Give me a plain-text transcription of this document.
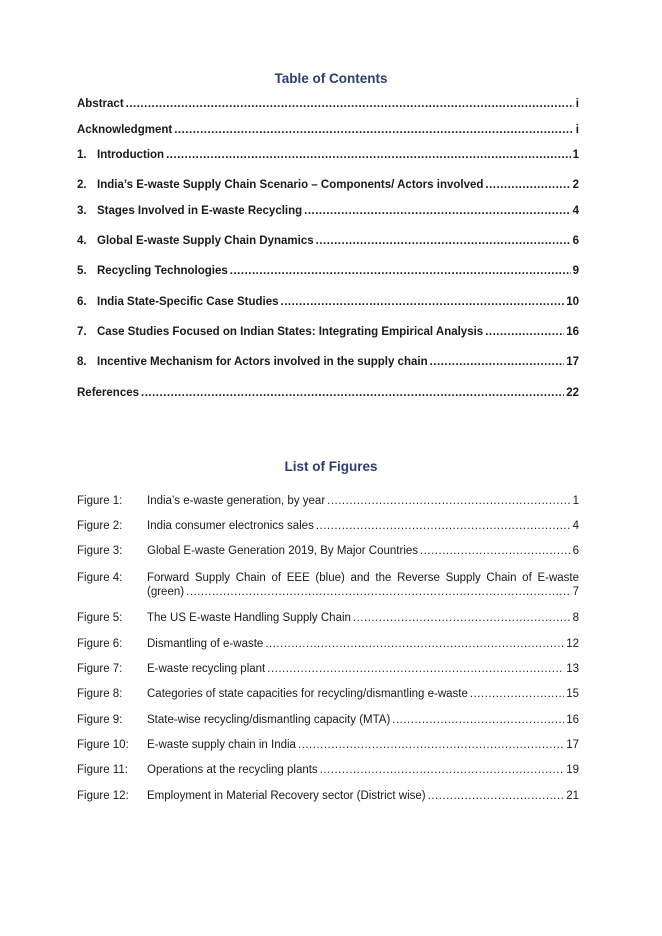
Table of Contents
Abstract .....	i
Acknowledgment .....	i
1. Introduction .....	1
2. India’s E-waste Supply Chain Scenario – Components/ Actors involved .....	2
3. Stages Involved in E-waste Recycling .....	4
4. Global E-waste Supply Chain Dynamics .....	6
5. Recycling Technologies .....	9
6. India State-Specific Case Studies .....	10
7. Case Studies Focused on Indian States: Integrating Empirical Analysis .....	16
8. Incentive Mechanism for Actors involved in the supply chain .....	17
References .....	22
List of Figures
Figure 1:	India’s e-waste generation, by year .....	1
Figure 2:	India consumer electronics sales .....	4
Figure 3:	Global E-waste Generation 2019, By Major Countries .....	6
Figure 4:	Forward Supply Chain of EEE (blue) and the Reverse Supply Chain of E-waste
(green) .....	7
Figure 5:	The US E-waste Handling Supply Chain .....	8
Figure 6:	Dismantling of e-waste .....	12
Figure 7:	E-waste recycling plant .....	13
Figure 8:	Categories of state capacities for recycling/dismantling e-waste .....	15
Figure 9:	State-wise recycling/dismantling capacity (MTA) .....	16
Figure 10:	E-waste supply chain in India .....	17
Figure 11:	Operations at the recycling plants .....	19
Figure 12:	Employment in Material Recovery sector (District wise) .....	21
